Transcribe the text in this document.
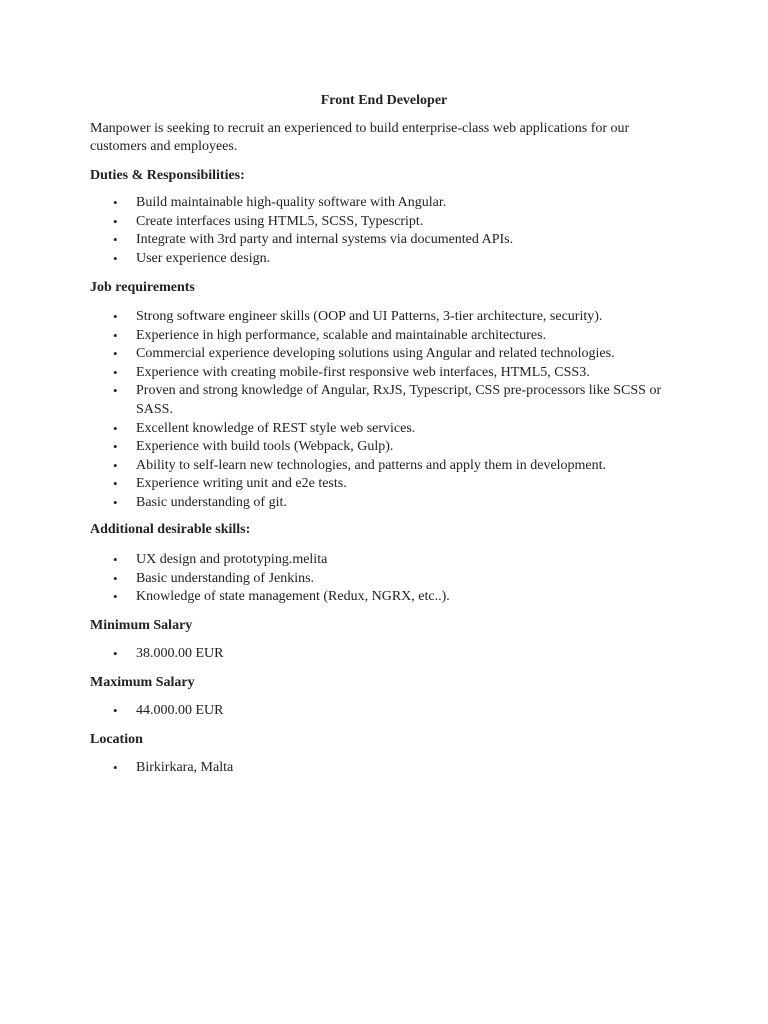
Front End Developer
Manpower is seeking to recruit an experienced to build enterprise-class web applications for our customers and employees.
Duties & Responsibilities:
• Build maintainable high-quality software with Angular.
• Create interfaces using HTML5, SCSS, Typescript.
• Integrate with 3rd party and internal systems via documented APIs.
• User experience design.
Job requirements
• Strong software engineer skills (OOP and UI Patterns, 3-tier architecture, security).
• Experience in high performance, scalable and maintainable architectures.
• Commercial experience developing solutions using Angular and related technologies.
• Experience with creating mobile-first responsive web interfaces, HTML5, CSS3.
• Proven and strong knowledge of Angular, RxJS, Typescript, CSS pre-processors like SCSS or SASS.
• Excellent knowledge of REST style web services.
• Experience with build tools (Webpack, Gulp).
• Ability to self-learn new technologies, and patterns and apply them in development.
• Experience writing unit and e2e tests.
• Basic understanding of git.
Additional desirable skills:
• UX design and prototyping.melita
• Basic understanding of Jenkins.
• Knowledge of state management (Redux, NGRX, etc..).
Minimum Salary
• 38.000.00 EUR
Maximum Salary
• 44.000.00 EUR
Location
• Birkirkara, Malta
